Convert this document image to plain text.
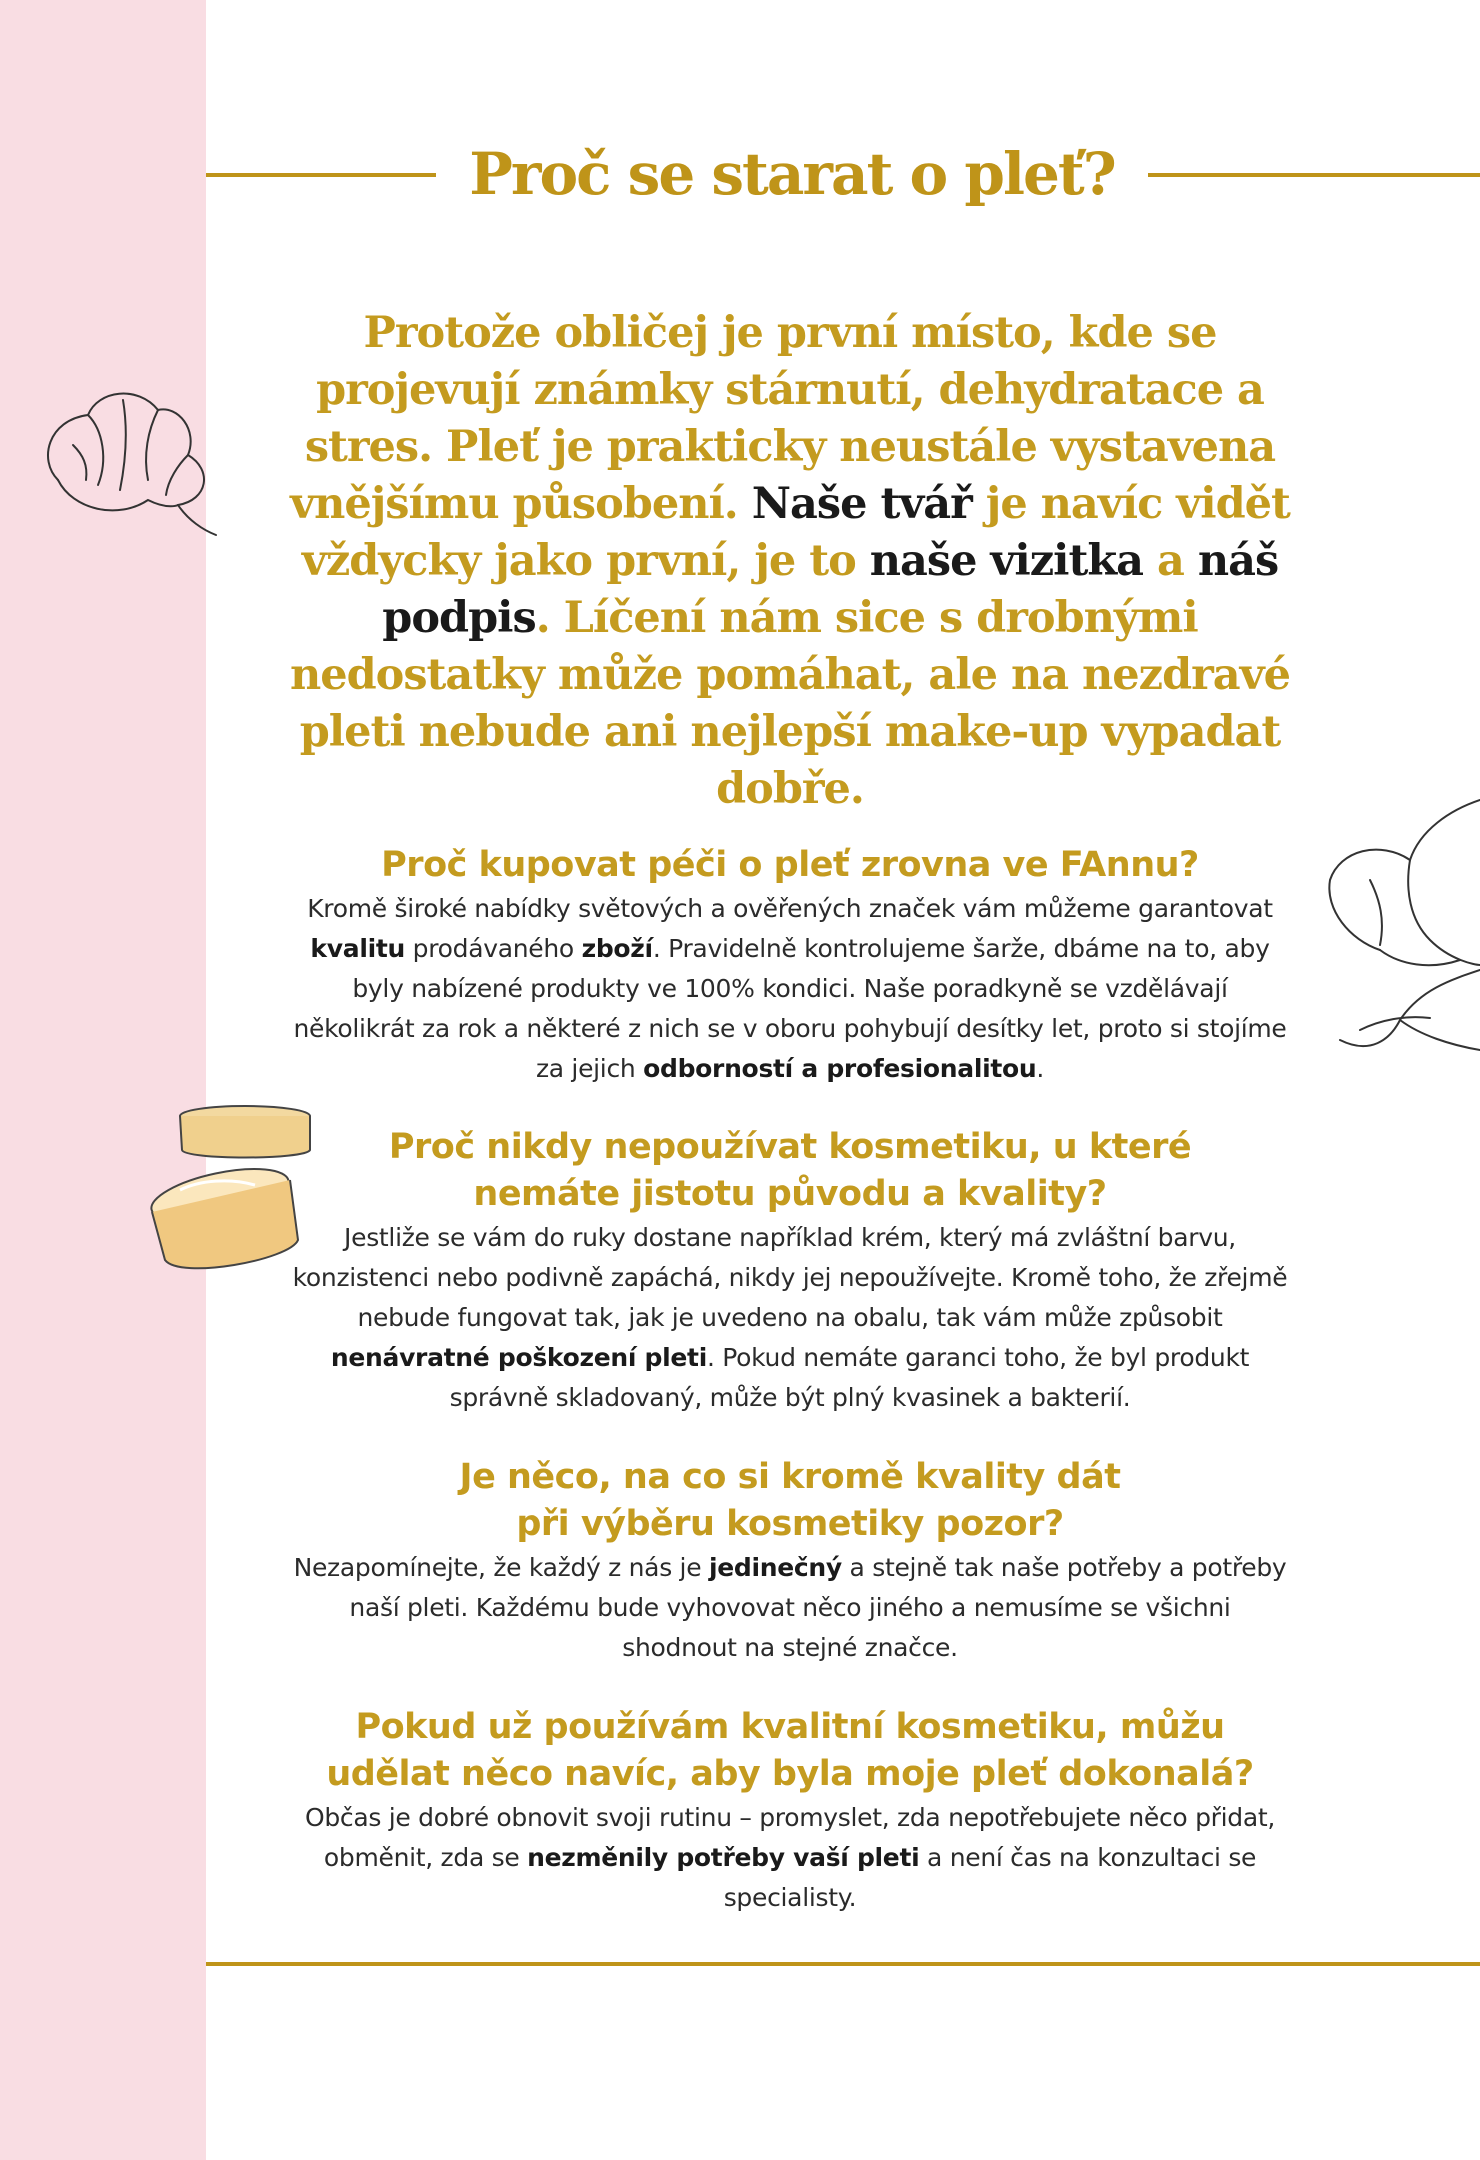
Proč se starat o pleť?

Protože obličej je první místo, kde se projevují známky stárnutí, dehydratace a stres. Pleť je prakticky neustále vystavena vnějšímu působení. Naše tvář je navíc vidět vždycky jako první, je to naše vizitka a náš podpis. Líčení nám sice s drobnými nedostatky může pomáhat, ale na nezdravé pleti nebude ani nejlepší make-up vypadat dobře.

Proč kupovat péči o pleť zrovna ve FAnnu?

Kromě široké nabídky světových a ověřených značek vám můžeme garantovat kvalitu prodávaného zboží. Pravidelně kontrolujeme šarže, dbáme na to, aby byly nabízené produkty ve 100% kondici. Naše poradkyně se vzdělávají několikrát za rok a některé z nich se v oboru pohybují desítky let, proto si stojíme za jejich odborností a profesionalitou.

Proč nikdy nepoužívat kosmetiku, u které
nemáte jistotu původu a kvality?

Jestliže se vám do ruky dostane například krém, který má zvláštní barvu, konzistenci nebo podivně zapáchá, nikdy jej nepoužívejte. Kromě toho, že zřejmě nebude fungovat tak, jak je uvedeno na obalu, tak vám může způsobit nenávratné poškození pleti. Pokud nemáte garanci toho, že byl produkt správně skladovaný, může být plný kvasinek a bakterií.

Je něco, na co si kromě kvality dát
při výběru kosmetiky pozor?

Nezapomínejte, že každý z nás je jedinečný a stejně tak naše potřeby a potřeby naší pleti. Každému bude vyhovovat něco jiného a nemusíme se všichni shodnout na stejné značce.

Pokud už používám kvalitní kosmetiku, můžu
udělat něco navíc, aby byla moje pleť dokonalá?

Občas je dobré obnovit svoji rutinu – promyslet, zda nepotřebujete něco přidat, obměnit, zda se nezměnily potřeby vaší pleti a není čas na konzultaci se specialisty.
